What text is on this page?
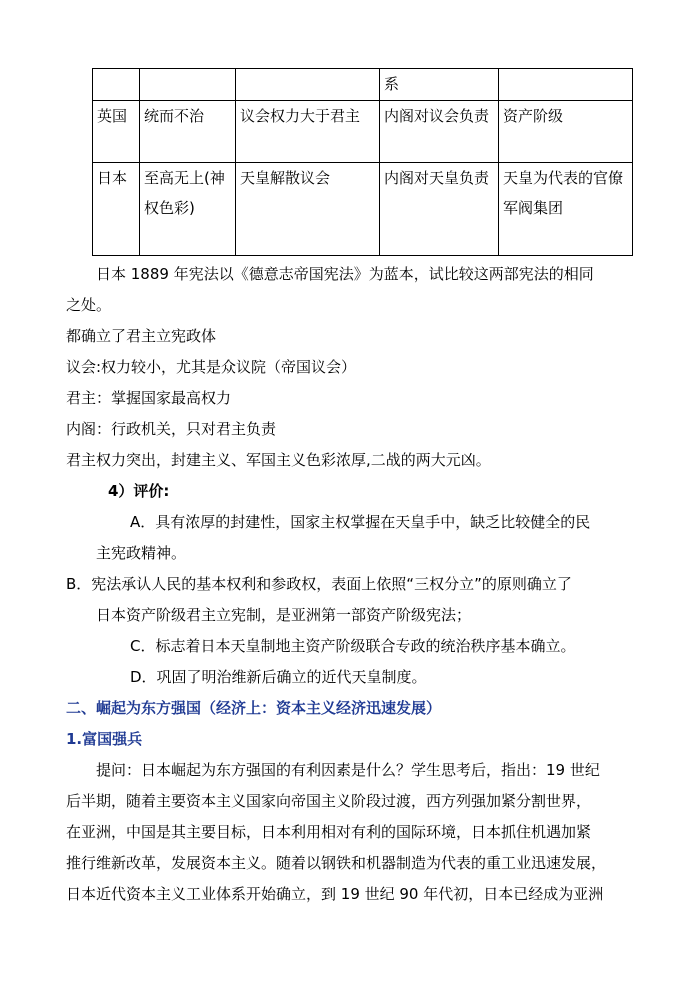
			系	
英国	统而不治	议会权力大于君主	内阁对议会负责	资产阶级
日本	至高无上(神权色彩)	天皇解散议会	内阁对天皇负责	天皇为代表的官僚军阀集团
日本 1889 年宪法以《德意志帝国宪法》为蓝本，试比较这两部宪法的相同
之处。
都确立了君主立宪政体
议会:权力较小，尤其是众议院（帝国议会）
君主：掌握国家最高权力
内阁：行政机关，只对君主负责
君主权力突出，封建主义、军国主义色彩浓厚,二战的两大元凶。
4）评价:
A．具有浓厚的封建性，国家主权掌握在天皇手中，缺乏比较健全的民
主宪政精神。
B．宪法承认人民的基本权利和参政权，表面上依照“三权分立”的原则确立了
日本资产阶级君主立宪制，是亚洲第一部资产阶级宪法；
C．标志着日本天皇制地主资产阶级联合专政的统治秩序基本确立。
D．巩固了明治维新后确立的近代天皇制度。
二、崛起为东方强国（经济上：资本主义经济迅速发展）
1.富国强兵
提问：日本崛起为东方强国的有利因素是什么？学生思考后，指出：19 世纪
后半期，随着主要资本主义国家向帝国主义阶段过渡，西方列强加紧分割世界，
在亚洲，中国是其主要目标，日本利用相对有利的国际环境，日本抓住机遇加紧
推行维新改革，发展资本主义。随着以钢铁和机器制造为代表的重工业迅速发展，
日本近代资本主义工业体系开始确立，到 19 世纪 90 年代初，日本已经成为亚洲
